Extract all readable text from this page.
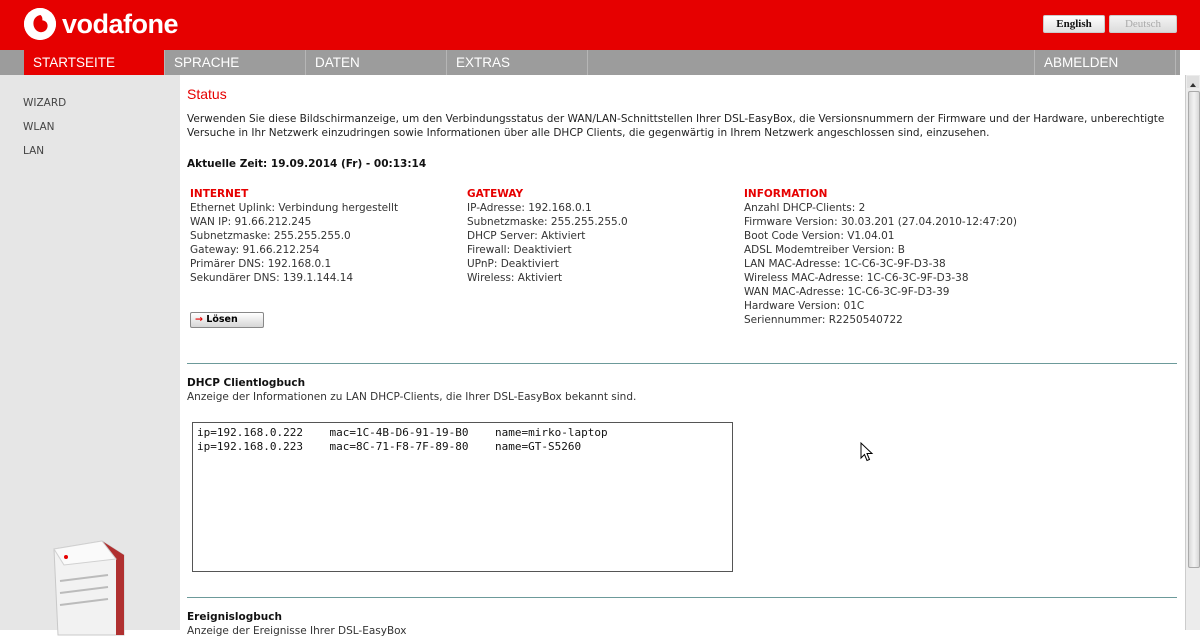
vodafone	English	Deutsch
STARTSEITE	SPRACHE	DATEN	EXTRAS	ABMELDEN
WIZARD
WLAN
LAN
Status
Verwenden Sie diese Bildschirmanzeige, um den Verbindungsstatus der WAN/LAN-Schnittstellen Ihrer DSL-EasyBox, die Versionsnummern der Firmware und der Hardware, unberechtigte Versuche in Ihr Netzwerk einzudringen sowie Informationen über alle DHCP Clients, die gegenwärtig in Ihrem Netzwerk angeschlossen sind, einzusehen.
Aktuelle Zeit: 19.09.2014 (Fr) - 00:13:14
INTERNET
Ethernet Uplink: Verbindung hergestellt
WAN IP: 91.66.212.245
Subnetzmaske: 255.255.255.0
Gateway: 91.66.212.254
Primärer DNS: 192.168.0.1
Sekundärer DNS: 139.1.144.14
GATEWAY
IP-Adresse: 192.168.0.1
Subnetzmaske: 255.255.255.0
DHCP Server: Aktiviert
Firewall: Deaktiviert
UPnP: Deaktiviert
Wireless: Aktiviert
INFORMATION
Anzahl DHCP-Clients: 2
Firmware Version: 30.03.201 (27.04.2010-12:47:20)
Boot Code Version: V1.04.01
ADSL Modemtreiber Version: B
LAN MAC-Adresse: 1C-C6-3C-9F-D3-38
Wireless MAC-Adresse: 1C-C6-3C-9F-D3-38
WAN MAC-Adresse: 1C-C6-3C-9F-D3-39
Hardware Version: 01C
Seriennummer: R2250540722
→ Lösen
DHCP Clientlogbuch
Anzeige der Informationen zu LAN DHCP-Clients, die Ihrer DSL-EasyBox bekannt sind.
ip=192.168.0.222    mac=1C-4B-D6-91-19-B0    name=mirko-laptop
ip=192.168.0.223    mac=8C-71-F8-7F-89-80    name=GT-S5260
Ereignislogbuch
Anzeige der Ereignisse Ihrer DSL-EasyBox
